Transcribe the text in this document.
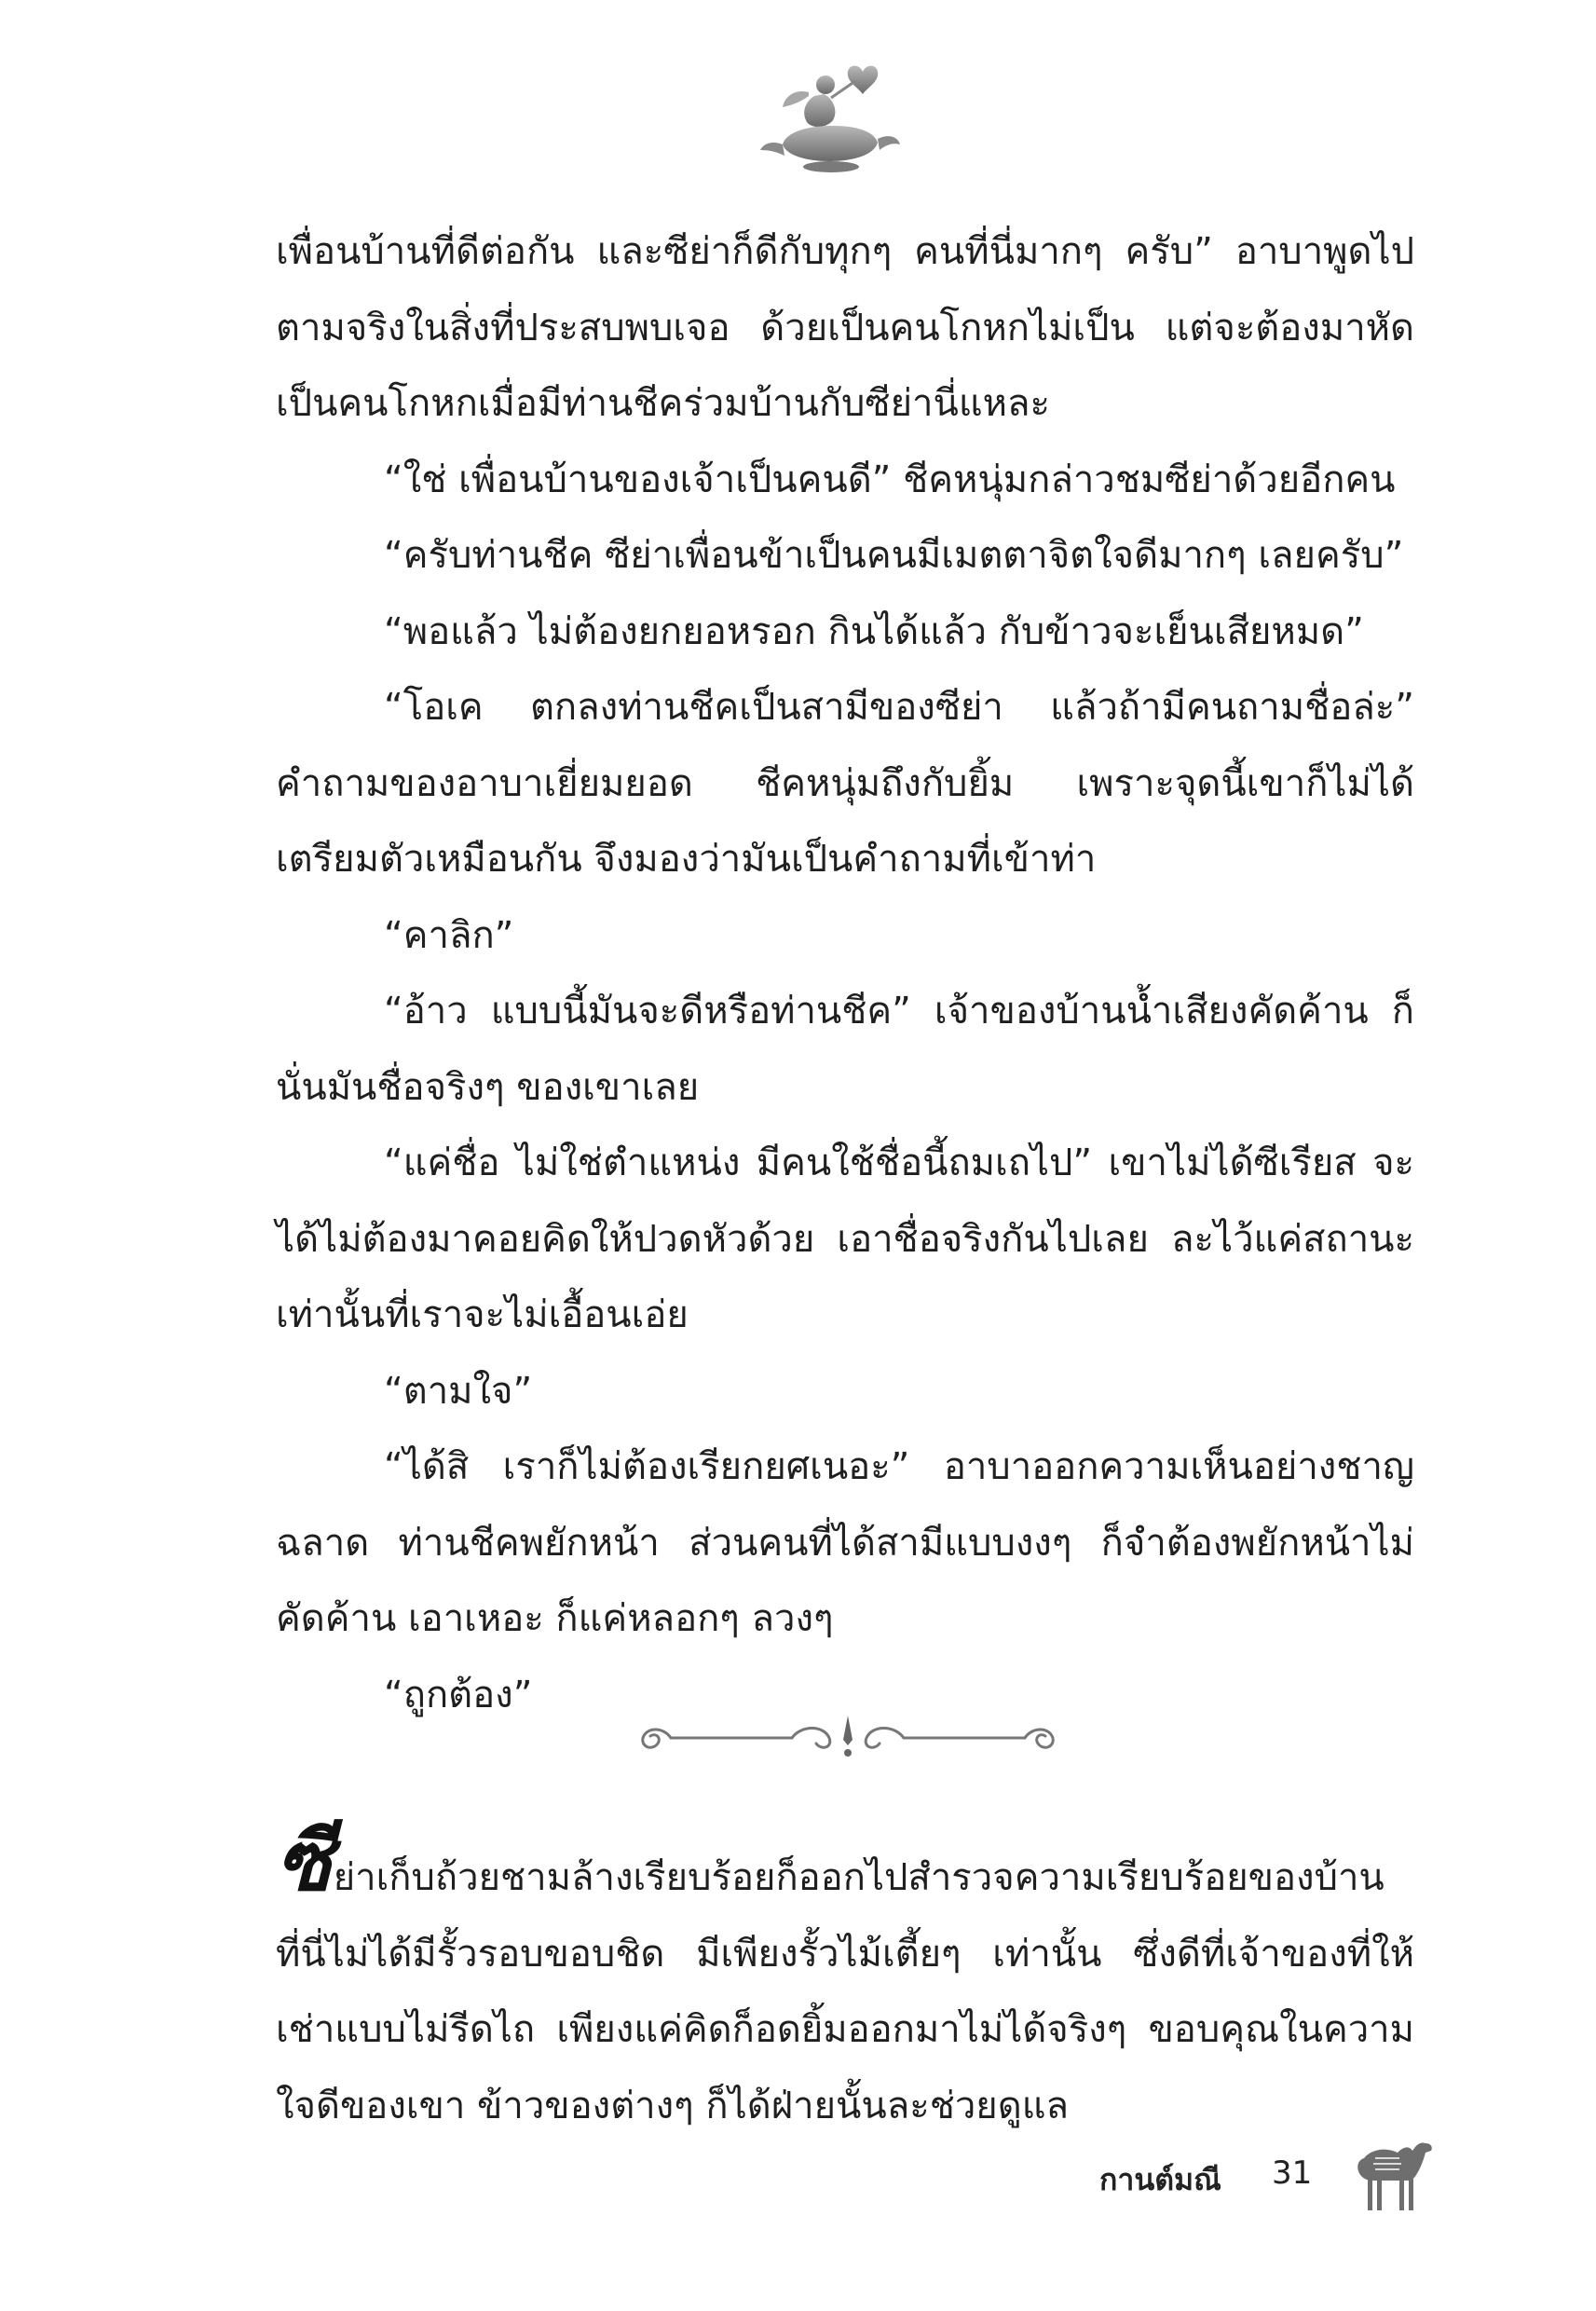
เพื่อนบ้านที่ดีต่อกัน และซีย่าก็ดีกับทุกๆ คนที่นี่มากๆ ครับ” อาบาพูดไปตามจริงในสิ่งที่ประสบพบเจอ ด้วยเป็นคนโกหกไม่เป็น แต่จะต้องมาหัดเป็นคนโกหกเมื่อมีท่านชีคร่วมบ้านกับซีย่านี่แหละ

“ใช่ เพื่อนบ้านของเจ้าเป็นคนดี” ชีคหนุ่มกล่าวชมซีย่าด้วยอีกคน

“ครับท่านชีค ซีย่าเพื่อนข้าเป็นคนมีเมตตาจิตใจดีมากๆ เลยครับ”

“พอแล้ว ไม่ต้องยกยอหรอก กินได้แล้ว กับข้าวจะเย็นเสียหมด”

“โอเค ตกลงท่านชีคเป็นสามีของซีย่า แล้วถ้ามีคนถามชื่อล่ะ” คำถามของอาบาเยี่ยมยอด ชีคหนุ่มถึงกับยิ้ม เพราะจุดนี้เขาก็ไม่ได้เตรียมตัวเหมือนกัน จึงมองว่ามันเป็นคำถามที่เข้าท่า

“คาลิก”

“อ้าว แบบนี้มันจะดีหรือท่านชีค” เจ้าของบ้านน้ำเสียงคัดค้าน ก็นั่นมันชื่อจริงๆ ของเขาเลย

“แค่ชื่อ ไม่ใช่ตำแหน่ง มีคนใช้ชื่อนี้ถมเถไป” เขาไม่ได้ซีเรียส จะได้ไม่ต้องมาคอยคิดให้ปวดหัวด้วย เอาชื่อจริงกันไปเลย ละไว้แค่สถานะเท่านั้นที่เราจะไม่เอื้อนเอ่ย

“ตามใจ”

“ได้สิ เราก็ไม่ต้องเรียกยศเนอะ” อาบาออกความเห็นอย่างชาญฉลาด ท่านชีคพยักหน้า ส่วนคนที่ได้สามีแบบงงๆ ก็จำต้องพยักหน้าไม่คัดค้าน เอาเหอะ ก็แค่หลอกๆ ลวงๆ

“ถูกต้อง”

ซีย่าเก็บถ้วยชามล้างเรียบร้อยก็ออกไปสำรวจความเรียบร้อยของบ้าน ที่นี่ไม่ได้มีรั้วรอบขอบชิด มีเพียงรั้วไม้เตี้ยๆ เท่านั้น ซึ่งดีที่เจ้าของที่ให้เช่าแบบไม่รีดไถ เพียงแค่คิดก็อดยิ้มออกมาไม่ได้จริงๆ ขอบคุณในความใจดีของเขา ข้าวของต่างๆ ก็ได้ฝ่ายนั้นละช่วยดูแล

กานต์มณี 31
